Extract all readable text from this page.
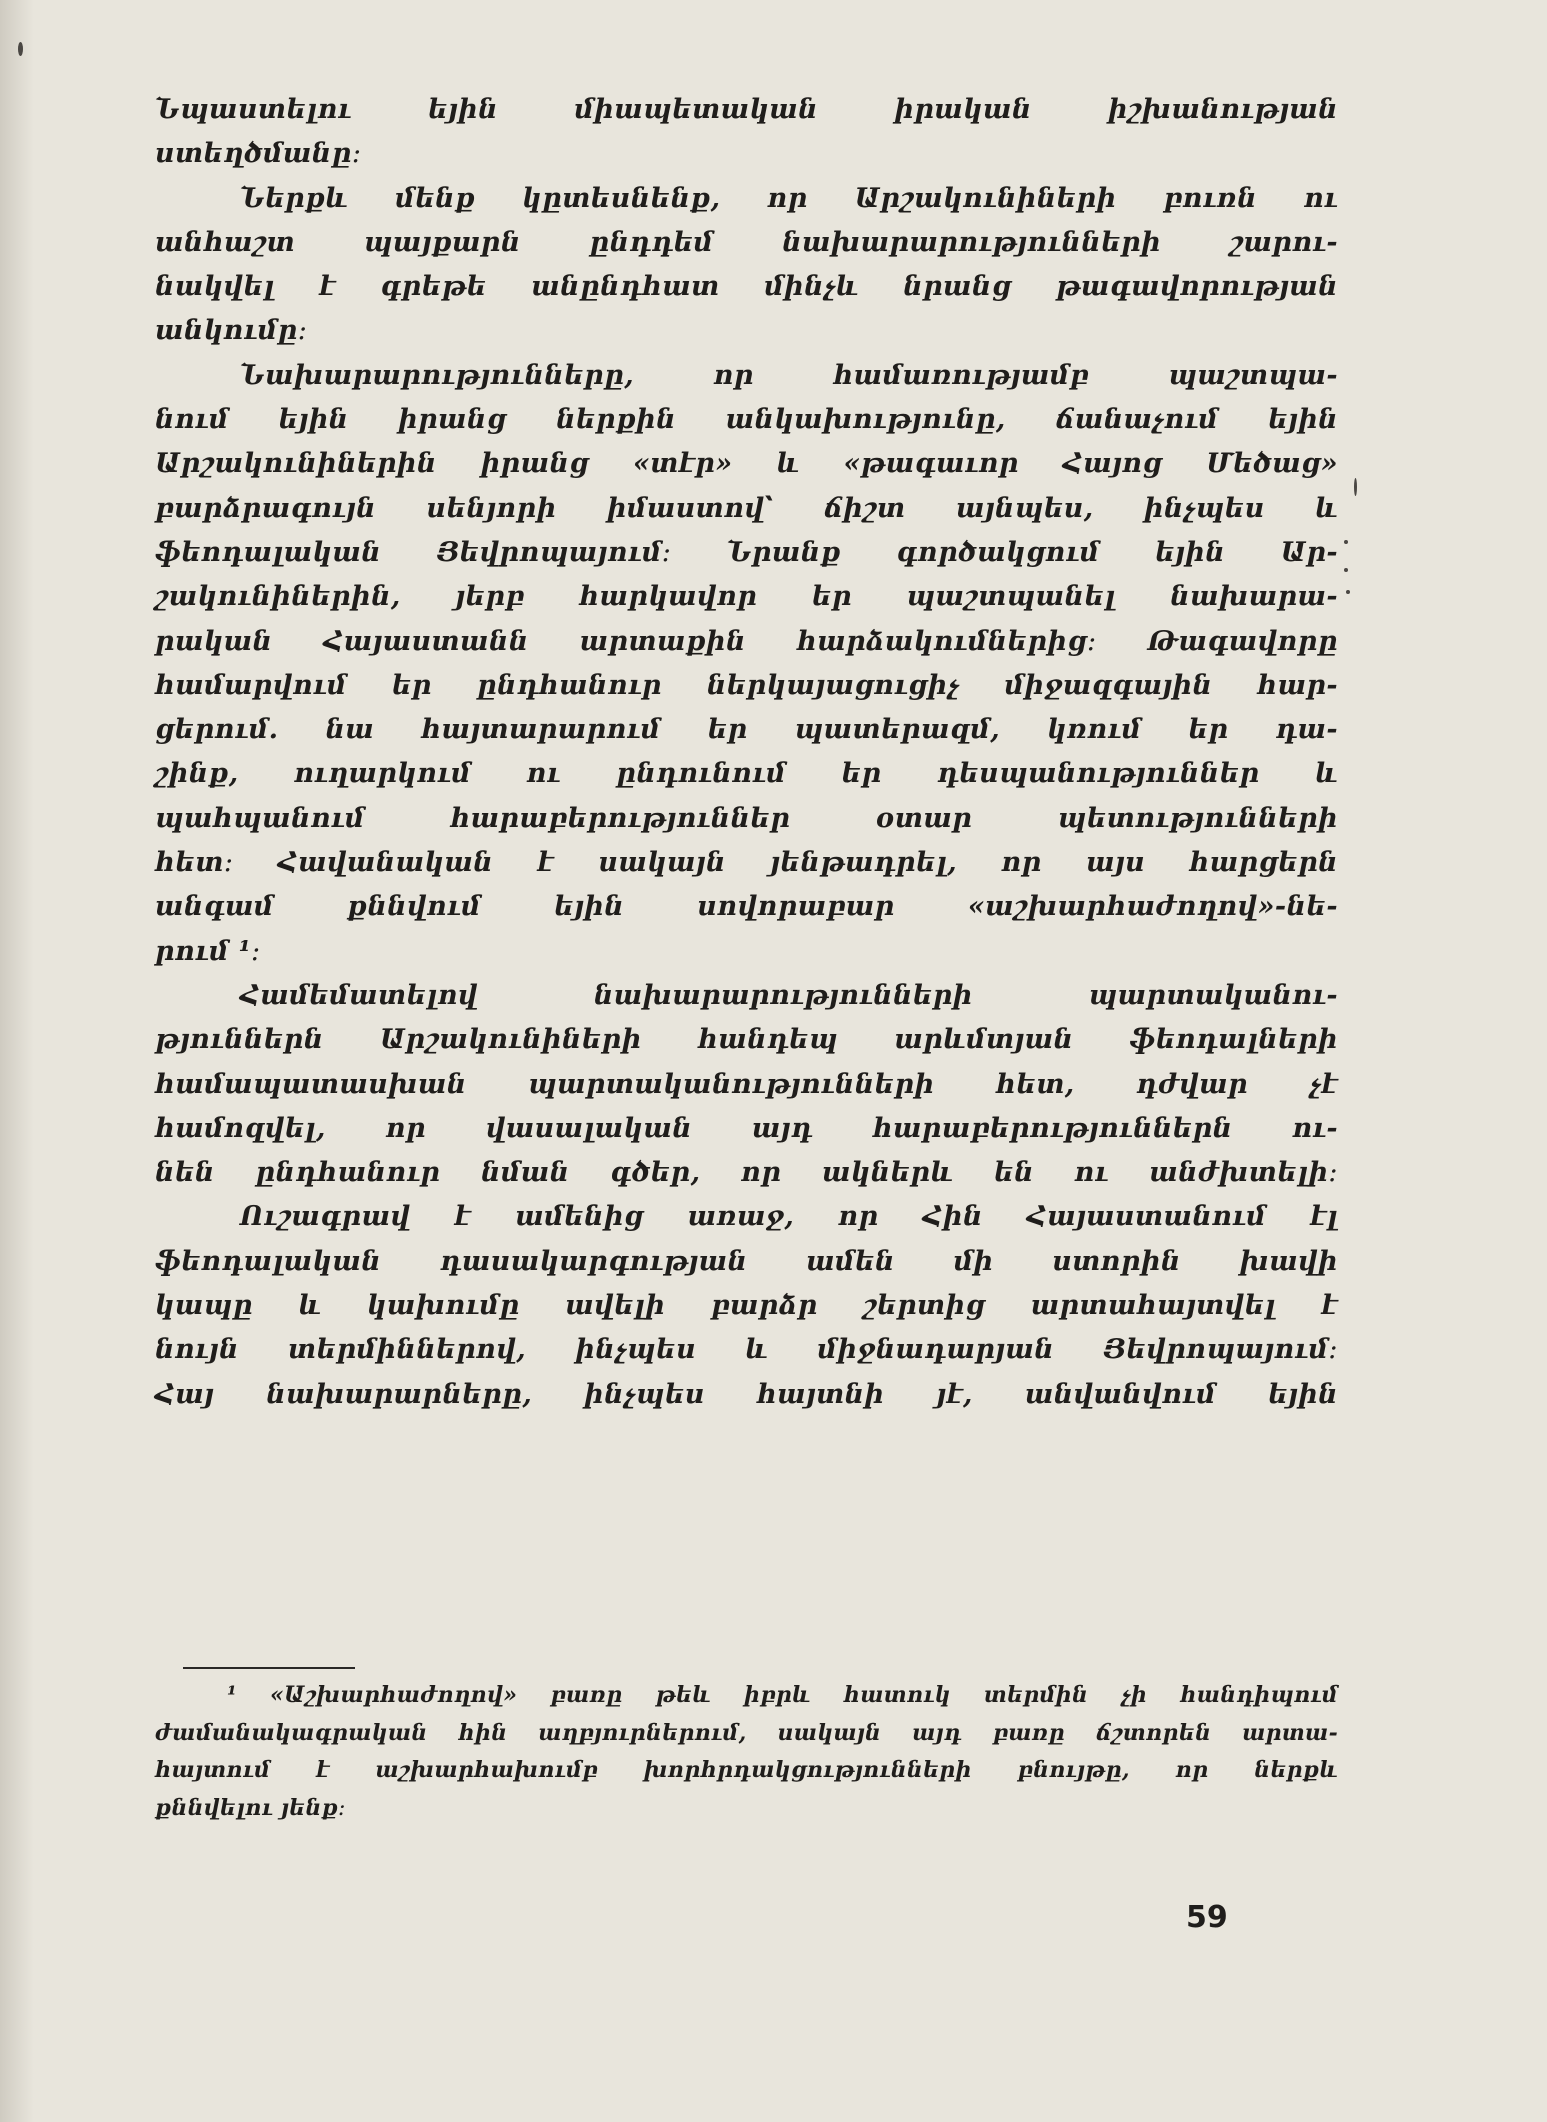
Նպաստելու եյին միապետական իրական իշխանության
ստեղծմանը։
Ներքև մենք կըտեսնենք, որ Արշակունիների բուռն ու
անհաշտ պայքարն ընդդեմ նախարարությունների շարու-
նակվել է գրեթե անընդհատ մինչև նրանց թագավորության
անկումը։
Նախարարությունները, որ համառությամբ պաշտպա-
նում եյին իրանց ներքին անկախությունը, ճանաչում եյին
Արշակունիներին իրանց «տէր» և «թագաւոր Հայոց Մեծաց»
բարձրագույն սենյորի իմաստով՝ ճիշտ այնպես, ինչպես և
ֆեոդալական Յեվրոպայում։ Նրանք գործակցում եյին Ար-
շակունիներին, յերբ հարկավոր եր պաշտպանել նախարա-
րական Հայաստանն արտաքին հարձակումներից։ Թագավորը
համարվում եր ընդհանուր ներկայացուցիչ միջազգային հար-
ցերում․ նա հայտարարում եր պատերազմ, կռում եր դա-
շինք, ուղարկում ու ընդունում եր դեսպանություններ և
պահպանում հարաբերություններ օտար պետությունների
հետ։ Հավանական է սակայն յենթադրել, որ այս հարցերն
անգամ քննվում եյին սովորաբար «աշխարհաժողով»-նե-
րում ¹։
Համեմատելով նախարարությունների պարտականու-
թյուններն Արշակունիների հանդեպ արևմտյան ֆեոդալների
համապատասխան պարտականությունների հետ, դժվար չէ
համոզվել, որ վասալական այդ հարաբերություններն ու-
նեն ընդհանուր նման գծեր, որ ակներև են ու անժխտելի։
Ուշագրավ է ամենից առաջ, որ Հին Հայաստանում էլ
ֆեոդալական դասակարգության ամեն մի ստորին խավի
կապը և կախումը ավելի բարձր շերտից արտահայտվել է
նույն տերմիններով, ինչպես և միջնադարյան Յեվրոպայում։
Հայ նախարարները, ինչպես հայտնի յէ, անվանվում եյին
¹ «Աշխարհաժողով» բառը թեև իբրև հատուկ տերմին չի հանդիպում
ժամանակագրական հին աղբյուրներում, սակայն այդ բառը ճշտորեն արտա-
հայտում է աշխարհախումբ խորհրդակցությունների բնույթը, որ ներքև
քննվելու յենք։
59
